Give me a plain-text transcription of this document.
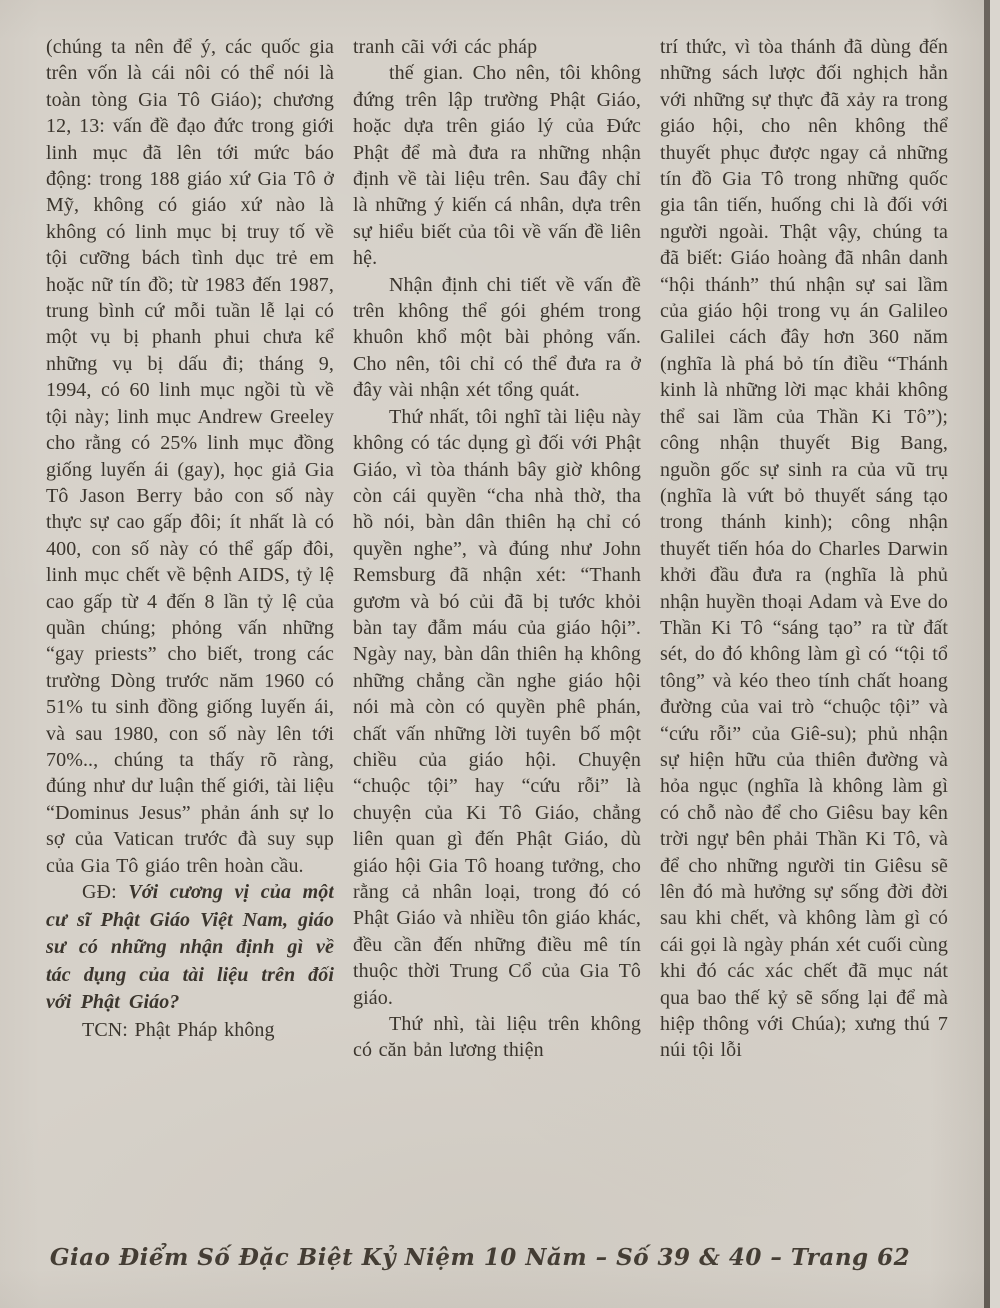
(chúng ta nên để ý, các quốc gia trên vốn là cái nôi có thể nói là toàn tòng Gia Tô Giáo); chương 12, 13: vấn đề đạo đức trong giới linh mục đã lên tới mức báo động: trong 188 giáo xứ Gia Tô ở Mỹ, không có giáo xứ nào là không có linh mục bị truy tố về tội cưỡng bách tình dục trẻ em hoặc nữ tín đồ; từ 1983 đến 1987, trung bình cứ mỗi tuần lễ lại có một vụ bị phanh phui chưa kể những vụ bị dấu đi; tháng 9, 1994, có 60 linh mục ngồi tù về tội này; linh mục Andrew Greeley cho rằng có 25% linh mục đồng giống luyến ái (gay), học giả Gia Tô Jason Berry bảo con số này thực sự cao gấp đôi; ít nhất là có 400, con số này có thể gấp đôi, linh mục chết về bệnh AIDS, tỷ lệ cao gấp từ 4 đến 8 lần tỷ lệ của quần chúng; phỏng vấn những “gay priests” cho biết, trong các trường Dòng trước năm 1960 có 51% tu sinh đồng giống luyến ái, và sau 1980, con số này lên tới 70%.., chúng ta thấy rõ ràng, đúng như dư luận thế giới, tài liệu “Dominus Jesus” phản ánh sự lo sợ của Vatican trước đà suy sụp của Gia Tô giáo trên hoàn cầu.

GĐ: Với cương vị của một cư sĩ Phật Giáo Việt Nam, giáo sư có những nhận định gì về tác dụng của tài liệu trên đối với Phật Giáo?

TCN: Phật Pháp không

tranh cãi với các pháp

thế gian. Cho nên, tôi không đứng trên lập trường Phật Giáo, hoặc dựa trên giáo lý của Đức Phật để mà đưa ra những nhận định về tài liệu trên. Sau đây chỉ là những ý kiến cá nhân, dựa trên sự hiểu biết của tôi về vấn đề liên hệ.

Nhận định chi tiết về vấn đề trên không thể gói ghém trong khuôn khổ một bài phỏng vấn. Cho nên, tôi chỉ có thể đưa ra ở đây vài nhận xét tổng quát.

Thứ nhất, tôi nghĩ tài liệu này không có tác dụng gì đối với Phật Giáo, vì tòa thánh bây giờ không còn cái quyền “cha nhà thờ, tha hồ nói, bàn dân thiên hạ chỉ có quyền nghe”, và đúng như John Remsburg đã nhận xét: “Thanh gươm và bó củi đã bị tước khỏi bàn tay đẫm máu của giáo hội”. Ngày nay, bàn dân thiên hạ không những chẳng cần nghe giáo hội nói mà còn có quyền phê phán, chất vấn những lời tuyên bố một chiều của giáo hội. Chuyện “chuộc tội” hay “cứu rỗi” là chuyện của Ki Tô Giáo, chẳng liên quan gì đến Phật Giáo, dù giáo hội Gia Tô hoang tưởng, cho rằng cả nhân loại, trong đó có Phật Giáo và nhiều tôn giáo khác, đều cần đến những điều mê tín thuộc thời Trung Cổ của Gia Tô giáo.

Thứ nhì, tài liệu trên không có căn bản lương thiện

trí thức, vì tòa thánh đã dùng đến những sách lược đối nghịch hẳn với những sự thực đã xảy ra trong giáo hội, cho nên không thể thuyết phục được ngay cả những tín đồ Gia Tô trong những quốc gia tân tiến, huống chi là đối với người ngoài. Thật vậy, chúng ta đã biết: Giáo hoàng đã nhân danh “hội thánh” thú nhận sự sai lầm của giáo hội trong vụ án Galileo Galilei cách đây hơn 360 năm (nghĩa là phá bỏ tín điều “Thánh kinh là những lời mạc khải không thể sai lầm của Thần Ki Tô”); công nhận thuyết Big Bang, nguồn gốc sự sinh ra của vũ trụ (nghĩa là vứt bỏ thuyết sáng tạo trong thánh kinh); công nhận thuyết tiến hóa do Charles Darwin khởi đầu đưa ra (nghĩa là phủ nhận huyền thoại Adam và Eve do Thần Ki Tô “sáng tạo” ra từ đất sét, do đó không làm gì có “tội tổ tông” và kéo theo tính chất hoang đường của vai trò “chuộc tội” và “cứu rỗi” của Giê-su); phủ nhận sự hiện hữu của thiên đường và hỏa ngục (nghĩa là không làm gì có chỗ nào để cho Giêsu bay kên trời ngự bên phải Thần Ki Tô, và để cho những người tin Giêsu sẽ lên đó mà hưởng sự sống đời đời sau khi chết, và không làm gì có cái gọi là ngày phán xét cuối cùng khi đó các xác chết đã mục nát qua bao thế kỷ sẽ sống lại để mà hiệp thông với Chúa); xưng thú 7 núi tội lỗi

Giao Điểm Số Đặc Biệt Kỷ Niệm 10 Năm – Số 39 & 40 – Trang 62
